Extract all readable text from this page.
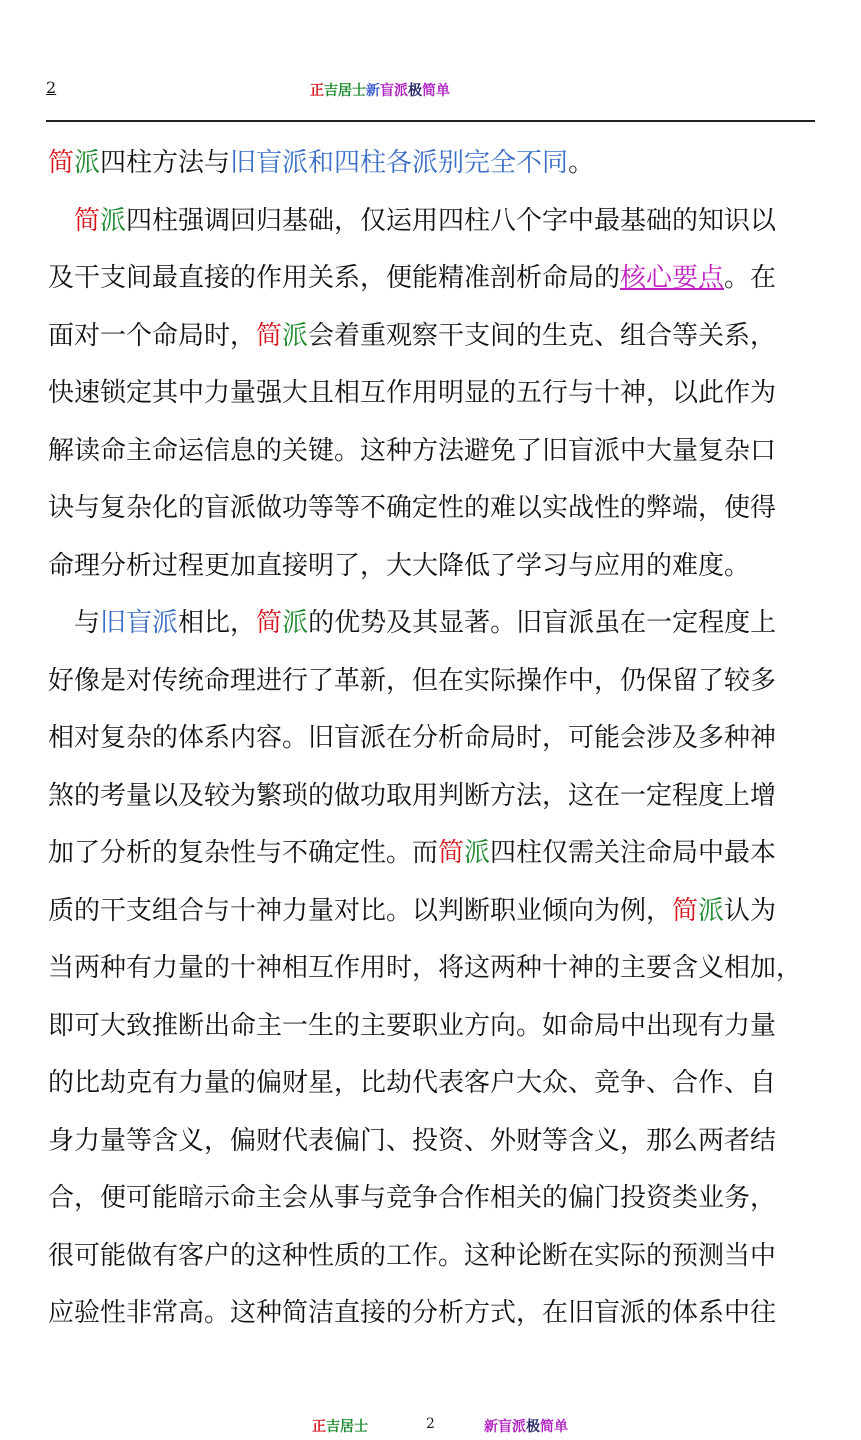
2	正吉居士新盲派极简单
简派四柱方法与旧盲派和四柱各派别完全不同。
　简派四柱强调回归基础，仅运用四柱八个字中最基础的知识以
及干支间最直接的作用关系，便能精准剖析命局的核心要点。在
面对一个命局时，简派会着重观察干支间的生克、组合等关系，
快速锁定其中力量强大且相互作用明显的五行与十神，以此作为
解读命主命运信息的关键。这种方法避免了旧盲派中大量复杂口
诀与复杂化的盲派做功等等不确定性的难以实战性的弊端，使得
命理分析过程更加直接明了，大大降低了学习与应用的难度。
　与旧盲派相比，简派的优势及其显著。旧盲派虽在一定程度上
好像是对传统命理进行了革新，但在实际操作中，仍保留了较多
相对复杂的体系内容。旧盲派在分析命局时，可能会涉及多种神
煞的考量以及较为繁琐的做功取用判断方法，这在一定程度上增
加了分析的复杂性与不确定性。而简派四柱仅需关注命局中最本
质的干支组合与十神力量对比。以判断职业倾向为例，简派认为
当两种有力量的十神相互作用时，将这两种十神的主要含义相加，
即可大致推断出命主一生的主要职业方向。如命局中出现有力量
的比劫克有力量的偏财星，比劫代表客户大众、竞争、合作、自
身力量等含义，偏财代表偏门、投资、外财等含义，那么两者结
合，便可能暗示命主会从事与竞争合作相关的偏门投资类业务，
很可能做有客户的这种性质的工作。这种论断在实际的预测当中
应验性非常高。这种简洁直接的分析方式，在旧盲派的体系中往
正吉居士	2	新盲派极简单
